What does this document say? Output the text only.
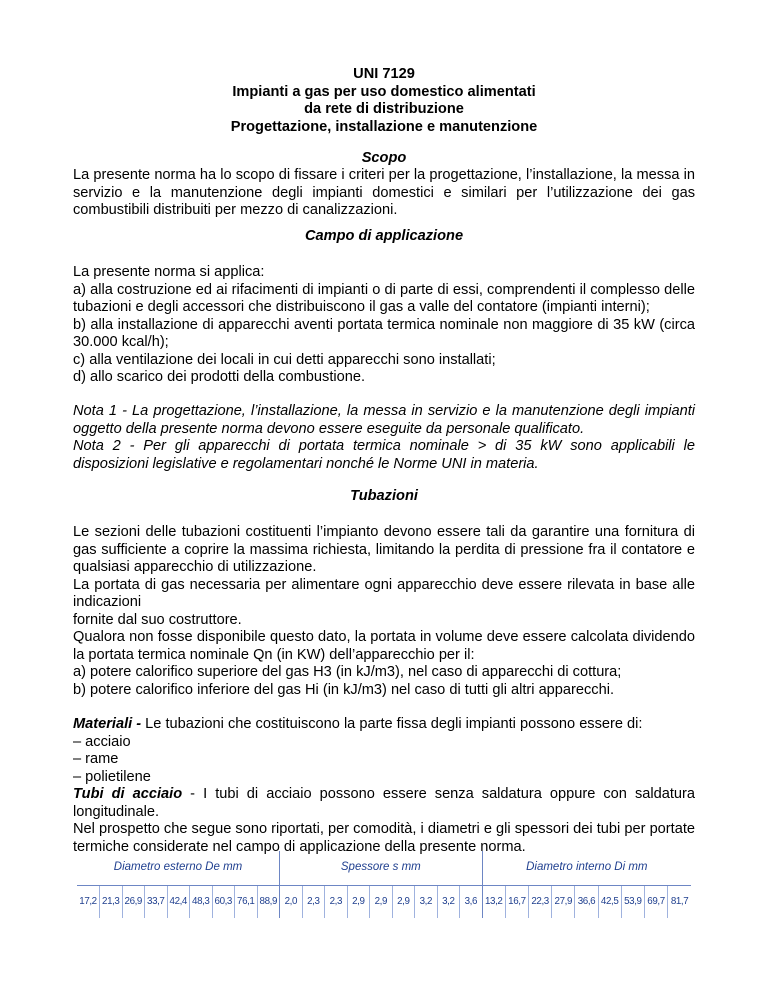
UNI 7129
Impianti a gas per uso domestico alimentati
da rete di distribuzione
Progettazione, installazione e manutenzione
Scopo

La presente norma ha lo scopo di fissare i criteri per la progettazione, l’installazione, la messa in servizio e la manutenzione degli impianti domestici e similari per l’utilizzazione dei gas combustibili distribuiti per mezzo di canalizzazioni.

Campo di applicazione

La presente norma si applica:

a) alla costruzione ed ai rifacimenti di impianti o di parte di essi, comprendenti il complesso delle tubazioni e degli accessori che distribuiscono il gas a valle del contatore (impianti interni);

b) alla installazione di apparecchi aventi portata termica nominale non maggiore di 35 kW (circa 30.000 kcal/h);

c) alla ventilazione dei locali in cui detti apparecchi sono installati;

d) allo scarico dei prodotti della combustione.

Nota 1 - La progettazione, l’installazione, la messa in servizio e la manutenzione degli impianti oggetto della presente norma devono essere eseguite da personale qualificato.

Nota 2 - Per gli apparecchi di portata termica nominale > di 35 kW sono applicabili le disposizioni legislative e regolamentari nonché le Norme UNI in materia.

Tubazioni

Le sezioni delle tubazioni costituenti l’impianto devono essere tali da garantire una fornitura di gas sufficiente a coprire la massima richiesta, limitando la perdita di pressione fra il contatore e qualsiasi apparecchio di utilizzazione.

La portata di gas necessaria per alimentare ogni apparecchio deve essere rilevata in base alle indicazioni

fornite dal suo costruttore.

Qualora non fosse disponibile questo dato, la portata in volume deve essere calcolata dividendo la portata termica nominale Qn (in KW) dell’apparecchio per il:

a) potere calorifico superiore del gas H3 (in kJ/m3), nel caso di apparecchi di cottura;

b) potere calorifico inferiore del gas Hi (in kJ/m3) nel caso di tutti gli altri apparecchi.

Materiali - Le tubazioni che costituiscono la parte fissa degli impianti possono essere di:

– acciaio

– rame

– polietilene

Tubi di acciaio - I tubi di acciaio possono essere senza saldatura oppure con saldatura longitudinale.

Nel prospetto che segue sono riportati, per comodità, i diametri e gli spessori dei tubi per portate termiche considerate nel campo di applicazione della presente norma.

Diametro esterno De mm									Spessore s mm									Diametro interno Di mm								
17,2	21,3	26,9	33,7	42,4	48,3	60,3	76,1	88,9	2,0	2,3	2,3	2,9	2,9	2,9	3,2	3,2	3,6	13,2	16,7	22,3	27,9	36,6	42,5	53,9	69,7	81,7
